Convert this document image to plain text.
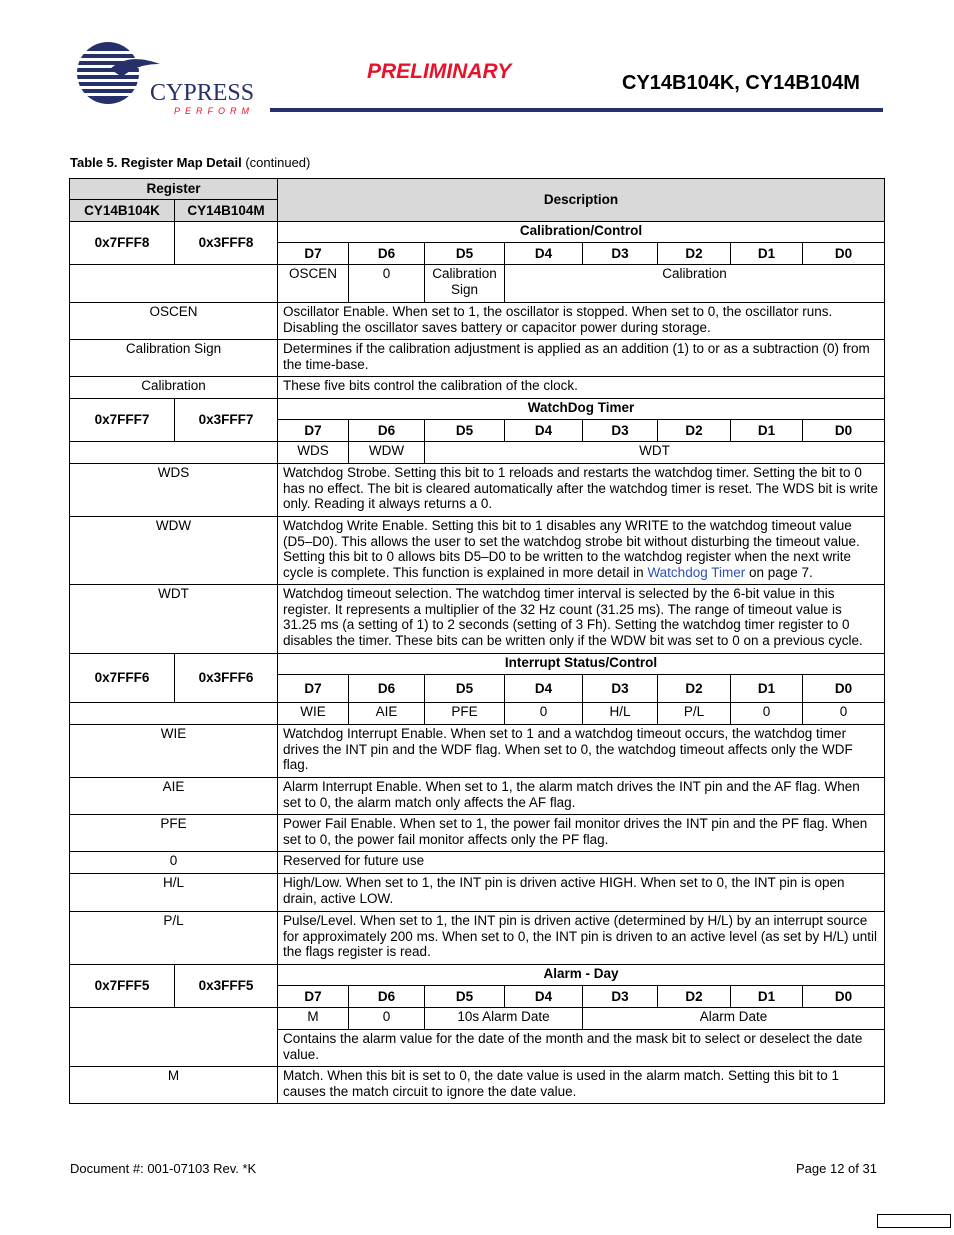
CYPRESS
PERFORM
PRELIMINARY	CY14B104K, CY14B104M
Table 5. Register Map Detail (continued)
Register		Description							
CY14B104K	CY14B104M								
0x7FFF8	0x3FFF8	Calibration/Control							
		D7	D6	D5	D4	D3	D2	D1	D0
		OSCEN	0	Calibration Sign	Calibration				
OSCEN		Oscillator Enable. When set to 1, the oscillator is stopped. When set to 0, the oscillator runs. Disabling the oscillator saves battery or capacitor power during storage.							
Calibration Sign		Determines if the calibration adjustment is applied as an addition (1) to or as a subtraction (0) from the time-base.							
Calibration		These five bits control the calibration of the clock.							
0x7FFF7	0x3FFF7	WatchDog Timer							
		D7	D6	D5	D4	D3	D2	D1	D0
		WDS	WDW	WDT					
WDS		Watchdog Strobe. Setting this bit to 1 reloads and restarts the watchdog timer. Setting the bit to 0 has no effect. The bit is cleared automatically after the watchdog timer is reset. The WDS bit is write only. Reading it always returns a 0.							
WDW		Watchdog Write Enable. Setting this bit to 1 disables any WRITE to the watchdog timeout value (D5–D0). This allows the user to set the watchdog strobe bit without disturbing the timeout value. Setting this bit to 0 allows bits D5–D0 to be written to the watchdog register when the next write cycle is complete. This function is explained in more detail in Watchdog Timer on page 7.							
WDT		Watchdog timeout selection. The watchdog timer interval is selected by the 6-bit value in this register. It represents a multiplier of the 32 Hz count (31.25 ms). The range of timeout value is 31.25 ms (a setting of 1) to 2 seconds (setting of 3 Fh). Setting the watchdog timer register to 0 disables the timer. These bits can be written only if the WDW bit was set to 0 on a previous cycle.							
0x7FFF6	0x3FFF6	Interrupt Status/Control							
		D7	D6	D5	D4	D3	D2	D1	D0
		WIE	AIE	PFE	0	H/L	P/L	0	0
WIE		Watchdog Interrupt Enable. When set to 1 and a watchdog timeout occurs, the watchdog timer drives the INT pin and the WDF flag. When set to 0, the watchdog timeout affects only the WDF flag.							
AIE		Alarm Interrupt Enable. When set to 1, the alarm match drives the INT pin and the AF flag. When set to 0, the alarm match only affects the AF flag.							
PFE		Power Fail Enable. When set to 1, the power fail monitor drives the INT pin and the PF flag. When set to 0, the power fail monitor affects only the PF flag.							
0		Reserved for future use							
H/L		High/Low. When set to 1, the INT pin is driven active HIGH. When set to 0, the INT pin is open drain, active LOW.							
P/L		Pulse/Level. When set to 1, the INT pin is driven active (determined by H/L) by an interrupt source for approximately 200 ms. When set to 0, the INT pin is driven to an active level (as set by H/L) until the flags register is read.							
0x7FFF5	0x3FFF5	Alarm - Day							
		D7	D6	D5	D4	D3	D2	D1	D0
		M	0	10s Alarm Date		Alarm Date			
		Contains the alarm value for the date of the month and the mask bit to select or deselect the date value.							
M		Match. When this bit is set to 0, the date value is used in the alarm match. Setting this bit to 1 causes the match circuit to ignore the date value.							
Document #: 001-07103 Rev. *K	Page 12 of 31
